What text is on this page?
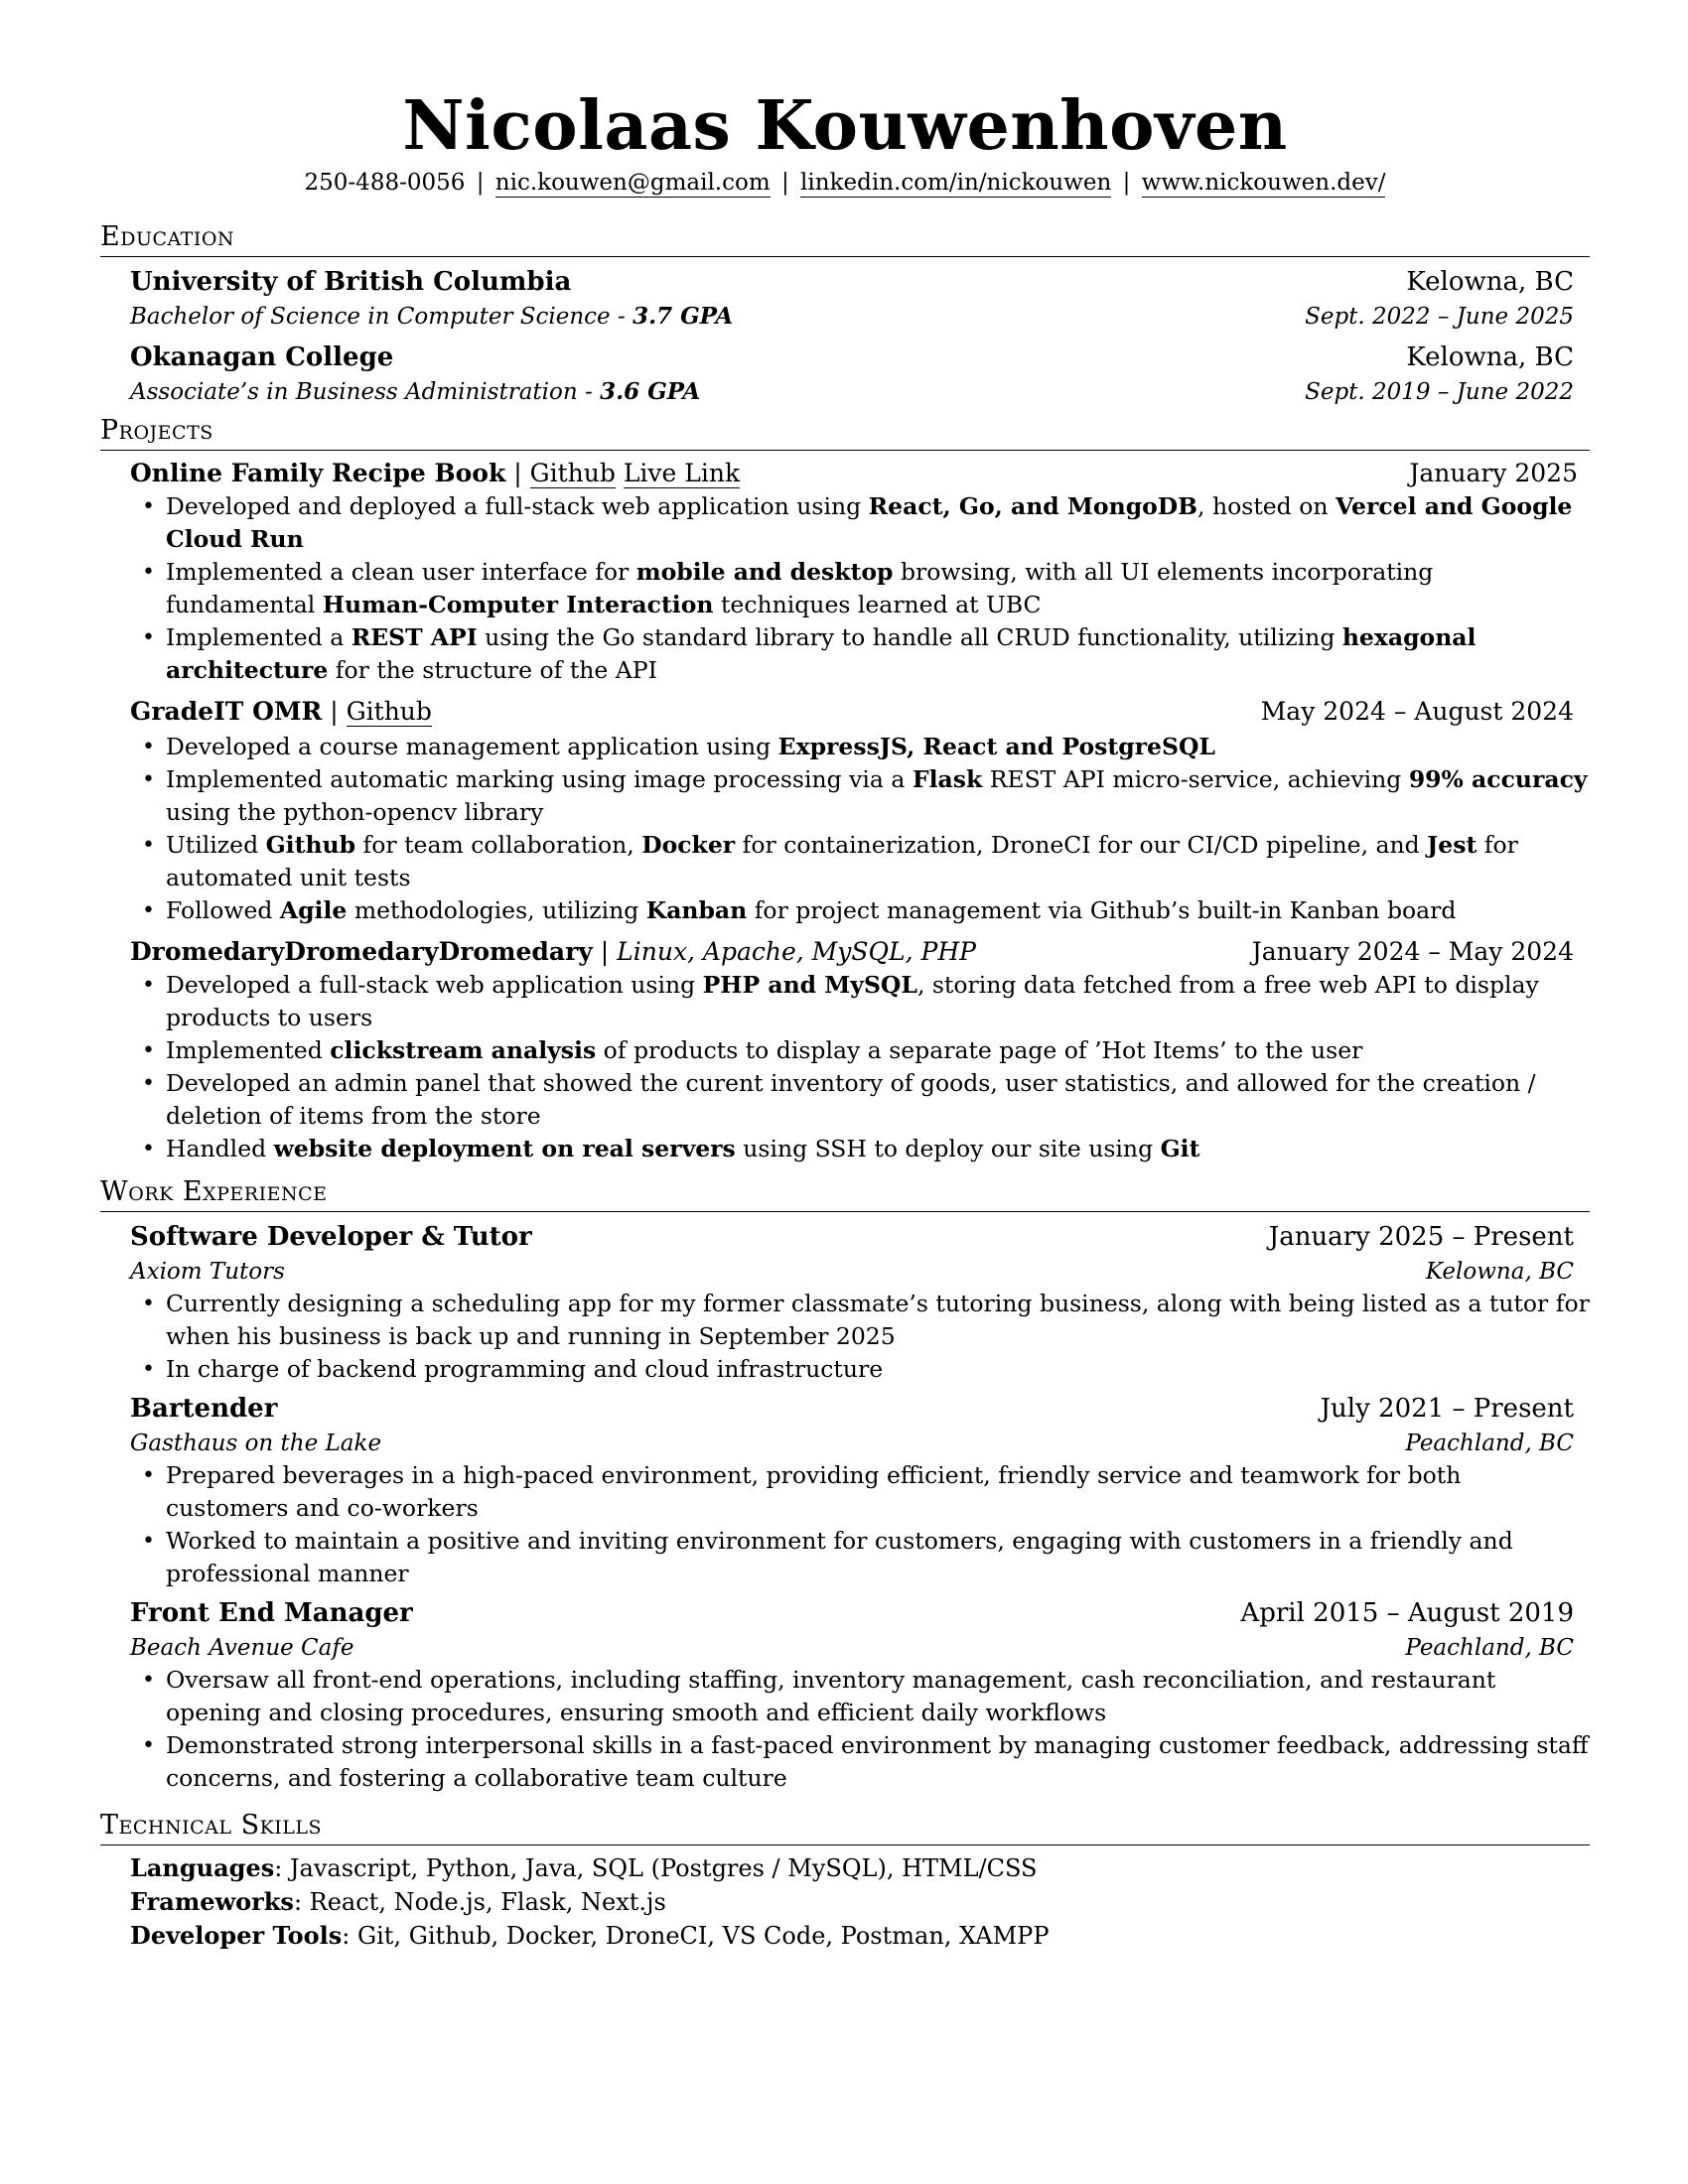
Nicolaas Kouwenhoven
250-488-0056 | nic.kouwen@gmail.com | linkedin.com/in/nickouwen | www.nickouwen.dev/
Education
University of British Columbia	Kelowna, BC
Bachelor of Science in Computer Science - 3.7 GPA	Sept. 2022 – June 2025
Okanagan College	Kelowna, BC
Associate’s in Business Administration - 3.6 GPA	Sept. 2019 – June 2022
Projects
Online Family Recipe Book | Github Live Link	January 2025
• Developed and deployed a full-stack web application using React, Go, and MongoDB, hosted on Vercel and Google Cloud Run
• Implemented a clean user interface for mobile and desktop browsing, with all UI elements incorporating fundamental Human-Computer Interaction techniques learned at UBC
• Implemented a REST API using the Go standard library to handle all CRUD functionality, utilizing hexagonal architecture for the structure of the API
GradeIT OMR | Github	May 2024 – August 2024
• Developed a course management application using ExpressJS, React and PostgreSQL
• Implemented automatic marking using image processing via a Flask REST API micro-service, achieving 99% accuracy using the python-opencv library
• Utilized Github for team collaboration, Docker for containerization, DroneCI for our CI/CD pipeline, and Jest for automated unit tests
• Followed Agile methodologies, utilizing Kanban for project management via Github’s built-in Kanban board
DromedaryDromedaryDromedary | Linux, Apache, MySQL, PHP	January 2024 – May 2024
• Developed a full-stack web application using PHP and MySQL, storing data fetched from a free web API to display products to users
• Implemented clickstream analysis of products to display a separate page of ’Hot Items’ to the user
• Developed an admin panel that showed the curent inventory of goods, user statistics, and allowed for the creation / deletion of items from the store
• Handled website deployment on real servers using SSH to deploy our site using Git
Work Experience
Software Developer & Tutor	January 2025 – Present
Axiom Tutors	Kelowna, BC
• Currently designing a scheduling app for my former classmate’s tutoring business, along with being listed as a tutor for when his business is back up and running in September 2025
• In charge of backend programming and cloud infrastructure
Bartender	July 2021 – Present
Gasthaus on the Lake	Peachland, BC
• Prepared beverages in a high-paced environment, providing efficient, friendly service and teamwork for both customers and co-workers
• Worked to maintain a positive and inviting environment for customers, engaging with customers in a friendly and professional manner
Front End Manager	April 2015 – August 2019
Beach Avenue Cafe	Peachland, BC
• Oversaw all front-end operations, including staffing, inventory management, cash reconciliation, and restaurant opening and closing procedures, ensuring smooth and efficient daily workflows
• Demonstrated strong interpersonal skills in a fast-paced environment by managing customer feedback, addressing staff concerns, and fostering a collaborative team culture
Technical Skills
Languages: Javascript, Python, Java, SQL (Postgres / MySQL), HTML/CSS
Frameworks: React, Node.js, Flask, Next.js
Developer Tools: Git, Github, Docker, DroneCI, VS Code, Postman, XAMPP
